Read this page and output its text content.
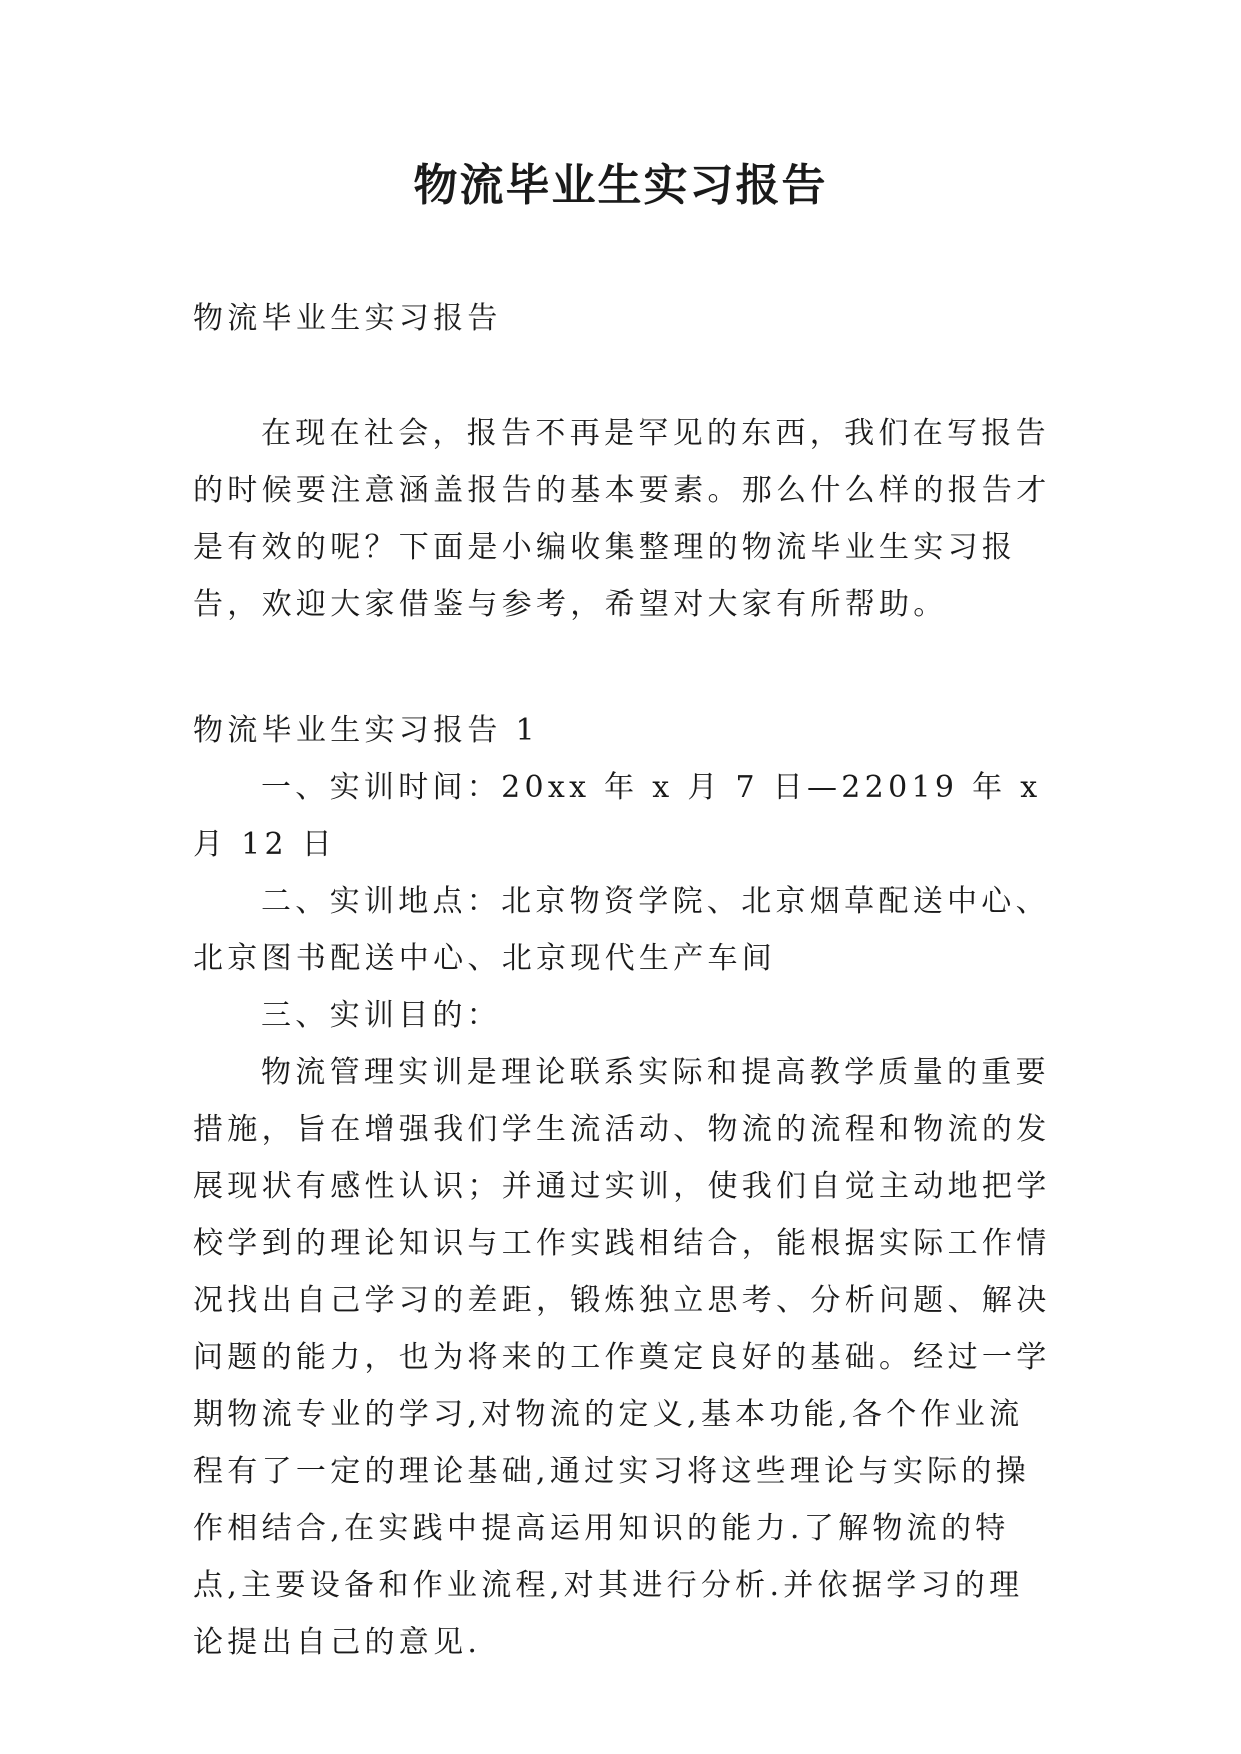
物流毕业生实习报告

物流毕业生实习报告

在现在社会，报告不再是罕见的东西，我们在写报告的时候要注意涵盖报告的基本要素。那么什么样的报告才是有效的呢？下面是小编收集整理的物流毕业生实习报告，欢迎大家借鉴与参考，希望对大家有所帮助。

物流毕业生实习报告 1

一、实训时间：20xx 年 x 月 7 日—22019 年 x 月 12 日

二、实训地点：北京物资学院、北京烟草配送中心、北京图书配送中心、北京现代生产车间

三、实训目的：

物流管理实训是理论联系实际和提高教学质量的重要措施，旨在增强我们学生流活动、物流的流程和物流的发展现状有感性认识；并通过实训，使我们自觉主动地把学校学到的理论知识与工作实践相结合，能根据实际工作情况找出自己学习的差距，锻炼独立思考、分析问题、解决问题的能力，也为将来的工作奠定良好的基础。经过一学期物流专业的学习,对物流的定义,基本功能,各个作业流程有了一定的理论基础,通过实习将这些理论与实际的操作相结合,在实践中提高运用知识的能力.了解物流的特点,主要设备和作业流程,对其进行分析.并依据学习的理论提出自己的意见.
